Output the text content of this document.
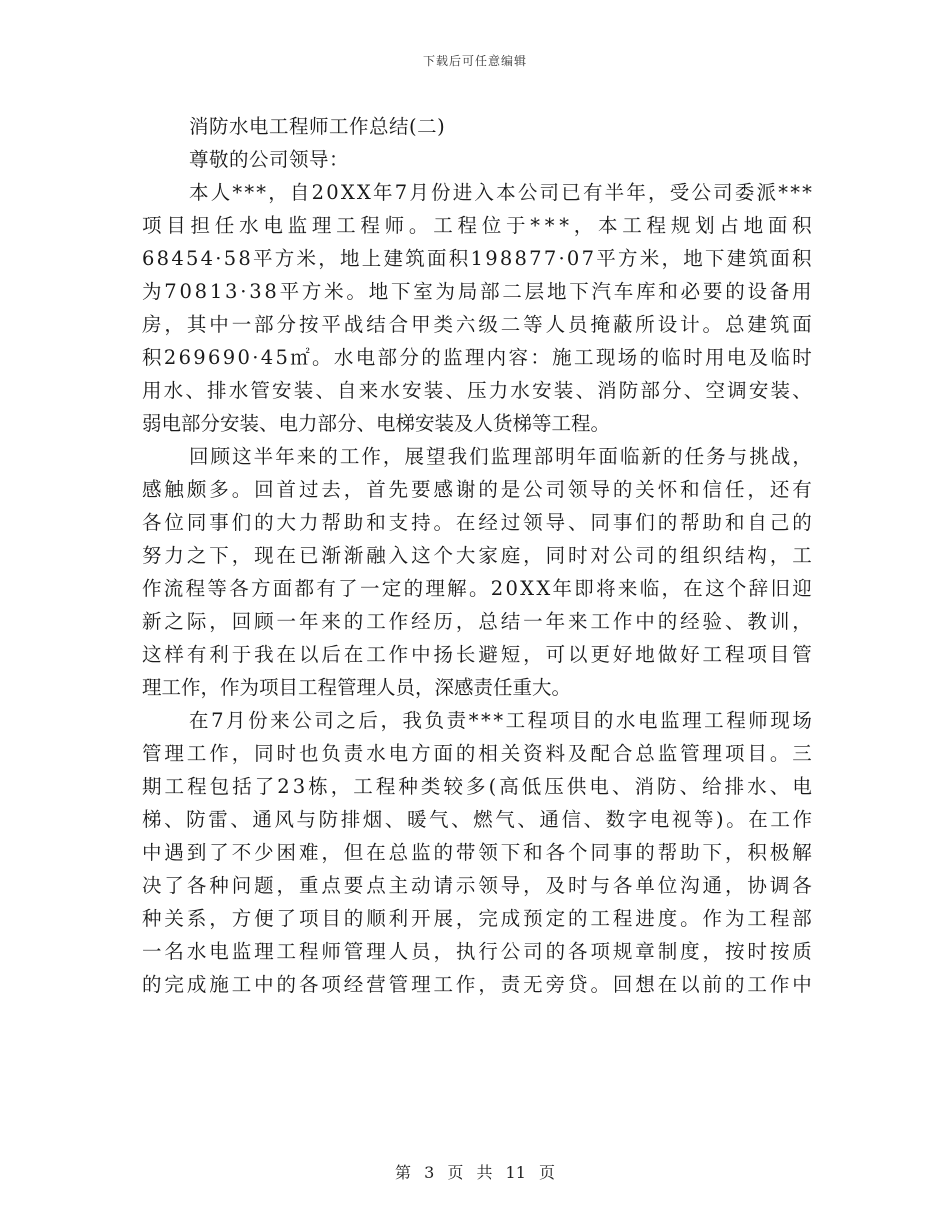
下载后可任意编辑
消防水电工程师工作总结(二)
尊敬的公司领导：
本 人 * * * ， 自 2 0 X X 年 7 月 份 进 入 本 公 司 已 有 半 年 ， 受 公 司 委 派 * * *
项 目 担 任 水 电 监 理 工 程 师 。 工 程 位 于 * * * ， 本 工 程 规 划 占 地 面 积
6 8 4 5 4 · 5 8 平 方 米 ， 地 上 建 筑 面 积 1 9 8 8 7 7 · 0 7 平 方 米 ， 地 下 建 筑 面 积
为 7 0 8 1 3 · 3 8 平 方 米 。 地 下 室 为 局 部 二 层 地 下 汽 车 库 和 必 要 的 设 备 用
房 ， 其 中 一 部 分 按 平 战 结 合 甲 类 六 级 二 等 人 员 掩 蔽 所 设 计 。 总 建 筑 面
积 2 6 9 6 9 0 · 4 5 ㎡ 。 水 电 部 分 的 监 理 内 容 ： 施 工 现 场 的 临 时 用 电 及 临 时
用 水 、 排 水 管 安 装 、 自 来 水 安 装 、 压 力 水 安 装 、 消 防 部 分 、 空 调 安 装 、
弱电部分安装、电力部分、电梯安装及人货梯等工程。
回 顾 这 半 年 来 的 工 作 ， 展 望 我 们 监 理 部 明 年 面 临 新 的 任 务 与 挑 战 ，
感 触 颇 多 。 回 首 过 去 ， 首 先 要 感 谢 的 是 公 司 领 导 的 关 怀 和 信 任 ， 还 有
各 位 同 事 们 的 大 力 帮 助 和 支 持 。 在 经 过 领 导 、 同 事 们 的 帮 助 和 自 己 的
努 力 之 下 ， 现 在 已 渐 渐 融 入 这 个 大 家 庭 ， 同 时 对 公 司 的 组 织 结 构 ， 工
作 流 程 等 各 方 面 都 有 了 一 定 的 理 解 。 2 0 X X 年 即 将 来 临 ， 在 这 个 辞 旧 迎
新 之 际 ， 回 顾 一 年 来 的 工 作 经 历 ， 总 结 一 年 来 工 作 中 的 经 验 、 教 训 ，
这 样 有 利 于 我 在 以 后 在 工 作 中 扬 长 避 短 ， 可 以 更 好 地 做 好 工 程 项 目 管
理工作，作为项目工程管理人员，深感责任重大。
在 7 月 份 来 公 司 之 后 ， 我 负 责 * * * 工 程 项 目 的 水 电 监 理 工 程 师 现 场
管 理 工 作 ， 同 时 也 负 责 水 电 方 面 的 相 关 资 料 及 配 合 总 监 管 理 项 目 。 三
期 工 程 包 括 了 2 3 栋 ， 工 程 种 类 较 多 ( 高 低 压 供 电 、 消 防 、 给 排 水 、 电
梯 、 防 雷 、 通 风 与 防 排 烟 、 暖 气 、 燃 气 、 通 信 、 数 字 电 视 等 ) 。 在 工 作
中 遇 到 了 不 少 困 难 ， 但 在 总 监 的 带 领 下 和 各 个 同 事 的 帮 助 下 ， 积 极 解
决 了 各 种 问 题 ， 重 点 要 点 主 动 请 示 领 导 ， 及 时 与 各 单 位 沟 通 ， 协 调 各
种 关 系 ， 方 便 了 项 目 的 顺 利 开 展 ， 完 成 预 定 的 工 程 进 度 。 作 为 工 程 部
一 名 水 电 监 理 工 程 师 管 理 人 员 ， 执 行 公 司 的 各 项 规 章 制 度 ， 按 时 按 质
的 完 成 施 工 中 的 各 项 经 营 管 理 工 作 ， 责 无 旁 贷 。 回 想 在 以 前 的 工 作 中
第 3 页 共 11 页
